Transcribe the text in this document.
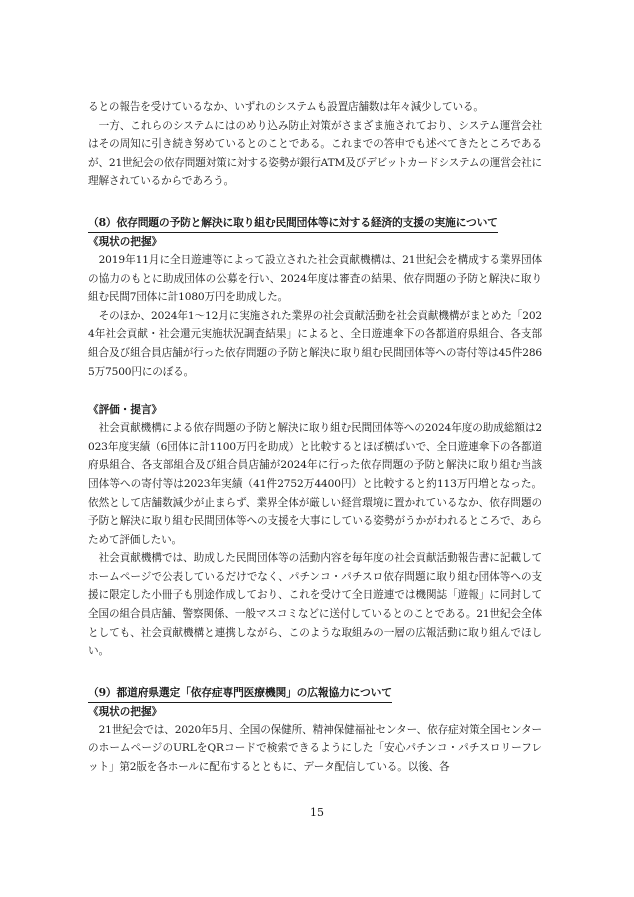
るとの報告を受けているなか、いずれのシステムも設置店舗数は年々減少している。

一方、これらのシステムにはのめり込み防止対策がさまざま施されており、システム運営会社はその周知に引き続き努めているとのことである。これまでの答申でも述べてきたところであるが、21世紀会の依存問題対策に対する姿勢が銀行ATM及びデビットカードシステムの運営会社に理解されているからであろう。

（8）依存問題の予防と解決に取り組む民間団体等に対する経済的支援の実施について

《現状の把握》

2019年11月に全日遊連等によって設立された社会貢献機構は、21世紀会を構成する業界団体の協力のもとに助成団体の公募を行い、2024年度は審査の結果、依存問題の予防と解決に取り組む民間7団体に計1080万円を助成した。

そのほか、2024年1～12月に実施された業界の社会貢献活動を社会貢献機構がまとめた「2024年社会貢献・社会還元実施状況調査結果」によると、全日遊連傘下の各都道府県組合、各支部組合及び組合員店舗が行った依存問題の予防と解決に取り組む民間団体等への寄付等は45件2865万7500円にのぼる。

《評価・提言》

社会貢献機構による依存問題の予防と解決に取り組む民間団体等への2024年度の助成総額は2023年度実績（6団体に計1100万円を助成）と比較するとほぼ横ばいで、全日遊連傘下の各都道府県組合、各支部組合及び組合員店舗が2024年に行った依存問題の予防と解決に取り組む当該団体等への寄付等は2023年実績（41件2752万4400円）と比較すると約113万円増となった。依然として店舗数減少が止まらず、業界全体が厳しい経営環境に置かれているなか、依存問題の予防と解決に取り組む民間団体等への支援を大事にしている姿勢がうかがわれるところで、あらためて評価したい。

社会貢献機構では、助成した民間団体等の活動内容を毎年度の社会貢献活動報告書に記載してホームページで公表しているだけでなく、パチンコ・パチスロ依存問題に取り組む団体等への支援に限定した小冊子も別途作成しており、これを受けて全日遊連では機関誌「遊報」に同封して全国の組合員店舗、警察関係、一般マスコミなどに送付しているとのことである。21世紀会全体としても、社会貢献機構と連携しながら、このような取組みの一層の広報活動に取り組んでほしい。

（9）都道府県選定「依存症専門医療機関」の広報協力について

《現状の把握》

21世紀会では、2020年5月、全国の保健所、精神保健福祉センター、依存症対策全国センターのホームページのURLをQRコードで検索できるようにした「安心パチンコ・パチスロリーフレット」第2版を各ホールに配布するとともに、データ配信している。以後、各

15
